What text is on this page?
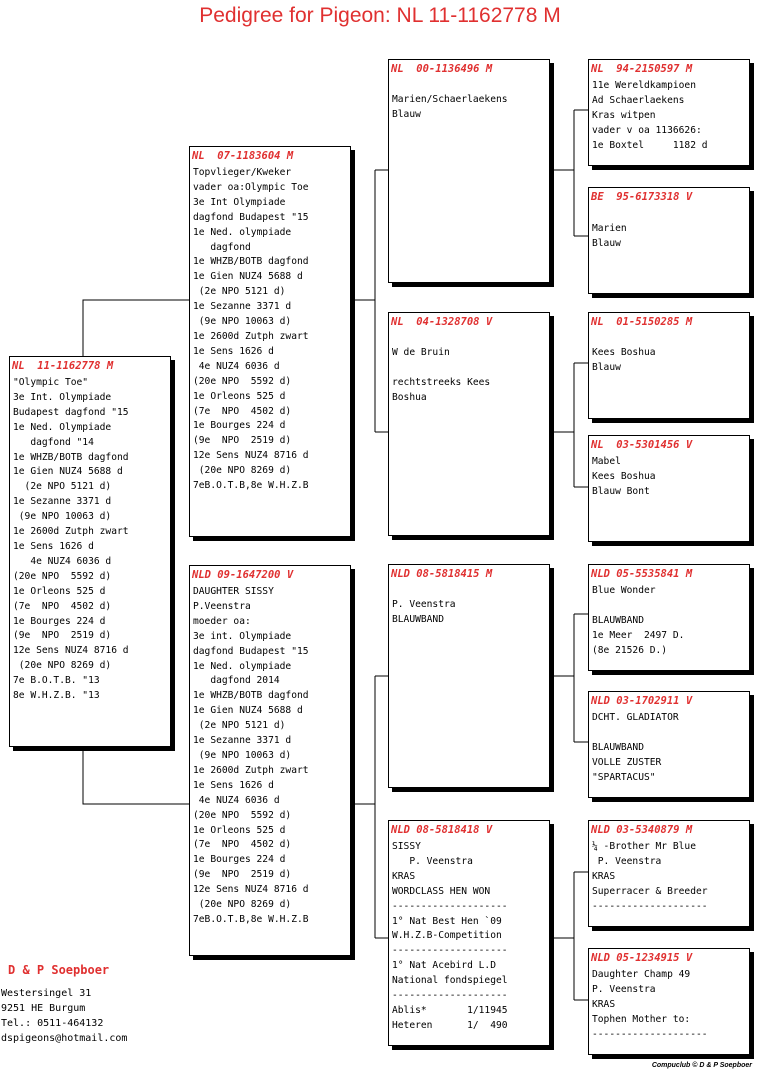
Pedigree for Pigeon: NL 11-1162778 M
NL  11-1162778 M
"Olympic Toe"
3e Int. Olympiade
Budapest dagfond "15
1e Ned. Olympiade
dagfond "14
1e WHZB/BOTB dagfond
1e Gien NUZ4 5688 d
(2e NPO 5121 d)
1e Sezanne 3371 d
(9e NPO 10063 d)
1e 2600d Zutph zwart
1e Sens 1626 d
4e NUZ4 6036 d
(20e NPO  5592 d)
1e Orleons 525 d
(7e  NPO  4502 d)
1e Bourges 224 d
(9e  NPO  2519 d)
12e Sens NUZ4 8716 d
(20e NPO 8269 d)
7e B.O.T.B. "13
8e W.H.Z.B. "13
NL  07-1183604 M
Topvlieger/Kweker
vader oa:Olympic Toe
3e Int Olympiade
dagfond Budapest "15
1e Ned. olympiade
dagfond
1e WHZB/BOTB dagfond
1e Gien NUZ4 5688 d
(2e NPO 5121 d)
1e Sezanne 3371 d
(9e NPO 10063 d)
1e 2600d Zutph zwart
1e Sens 1626 d
4e NUZ4 6036 d
(20e NPO  5592 d)
1e Orleons 525 d
(7e  NPO  4502 d)
1e Bourges 224 d
(9e  NPO  2519 d)
12e Sens NUZ4 8716 d
(20e NPO 8269 d)
7eB.O.T.B,8e W.H.Z.B
NLD 09-1647200 V
DAUGHTER SISSY
P.Veenstra
moeder oa:
3e int. Olympiade
dagfond Budapest "15
1e Ned. olympiade
dagfond 2014
1e WHZB/BOTB dagfond
1e Gien NUZ4 5688 d
(2e NPO 5121 d)
1e Sezanne 3371 d
(9e NPO 10063 d)
1e 2600d Zutph zwart
1e Sens 1626 d
4e NUZ4 6036 d
(20e NPO  5592 d)
1e Orleons 525 d
(7e  NPO  4502 d)
1e Bourges 224 d
(9e  NPO  2519 d)
12e Sens NUZ4 8716 d
(20e NPO 8269 d)
7eB.O.T.B,8e W.H.Z.B
NL  00-1136496 M
Marien/Schaerlaekens
Blauw
NL  04-1328708 V
W de Bruin

rechtstreeks Kees
Boshua
NLD 08-5818415 M
P. Veenstra
BLAUWBAND
NLD 08-5818418 V
SISSY
P. Veenstra
KRAS
WORDCLASS HEN WON
--------------------
1° Nat Best Hen `09
W.H.Z.B-Competition
--------------------
1° Nat Acebird L.D
National fondspiegel
--------------------
Ablis*       1/11945
Heteren      1/  490
NL  94-2150597 M
11e Wereldkampioen
Ad Schaerlaekens
Kras witpen
vader v oa 1136626:
1e Boxtel     1182 d
BE  95-6173318 V

Marien
Blauw
NL  01-5150285 M
Kees Boshua
Blauw
NL  03-5301456 V
Mabel
Kees Boshua
Blauw Bont
NLD 05-5535841 M
Blue Wonder

BLAUWBAND
1e Meer  2497 D.
(8e 21526 D.)
NLD 03-1702911 V
DCHT. GLADIATOR

BLAUWBAND
VOLLE ZUSTER
"SPARTACUS"
NLD 03-5340879 M
¼ -Brother Mr Blue
P. Veenstra
KRAS
Superracer & Breeder
--------------------
NLD 05-1234915 V
Daughter Champ 49
P. Veenstra
KRAS
Tophen Mother to:
--------------------
D & P Soepboer
Westersingel 31
9251 HE Burgum
Tel.: 0511-464132
dspigeons@hotmail.com
Compuclub © D & P Soepboer
